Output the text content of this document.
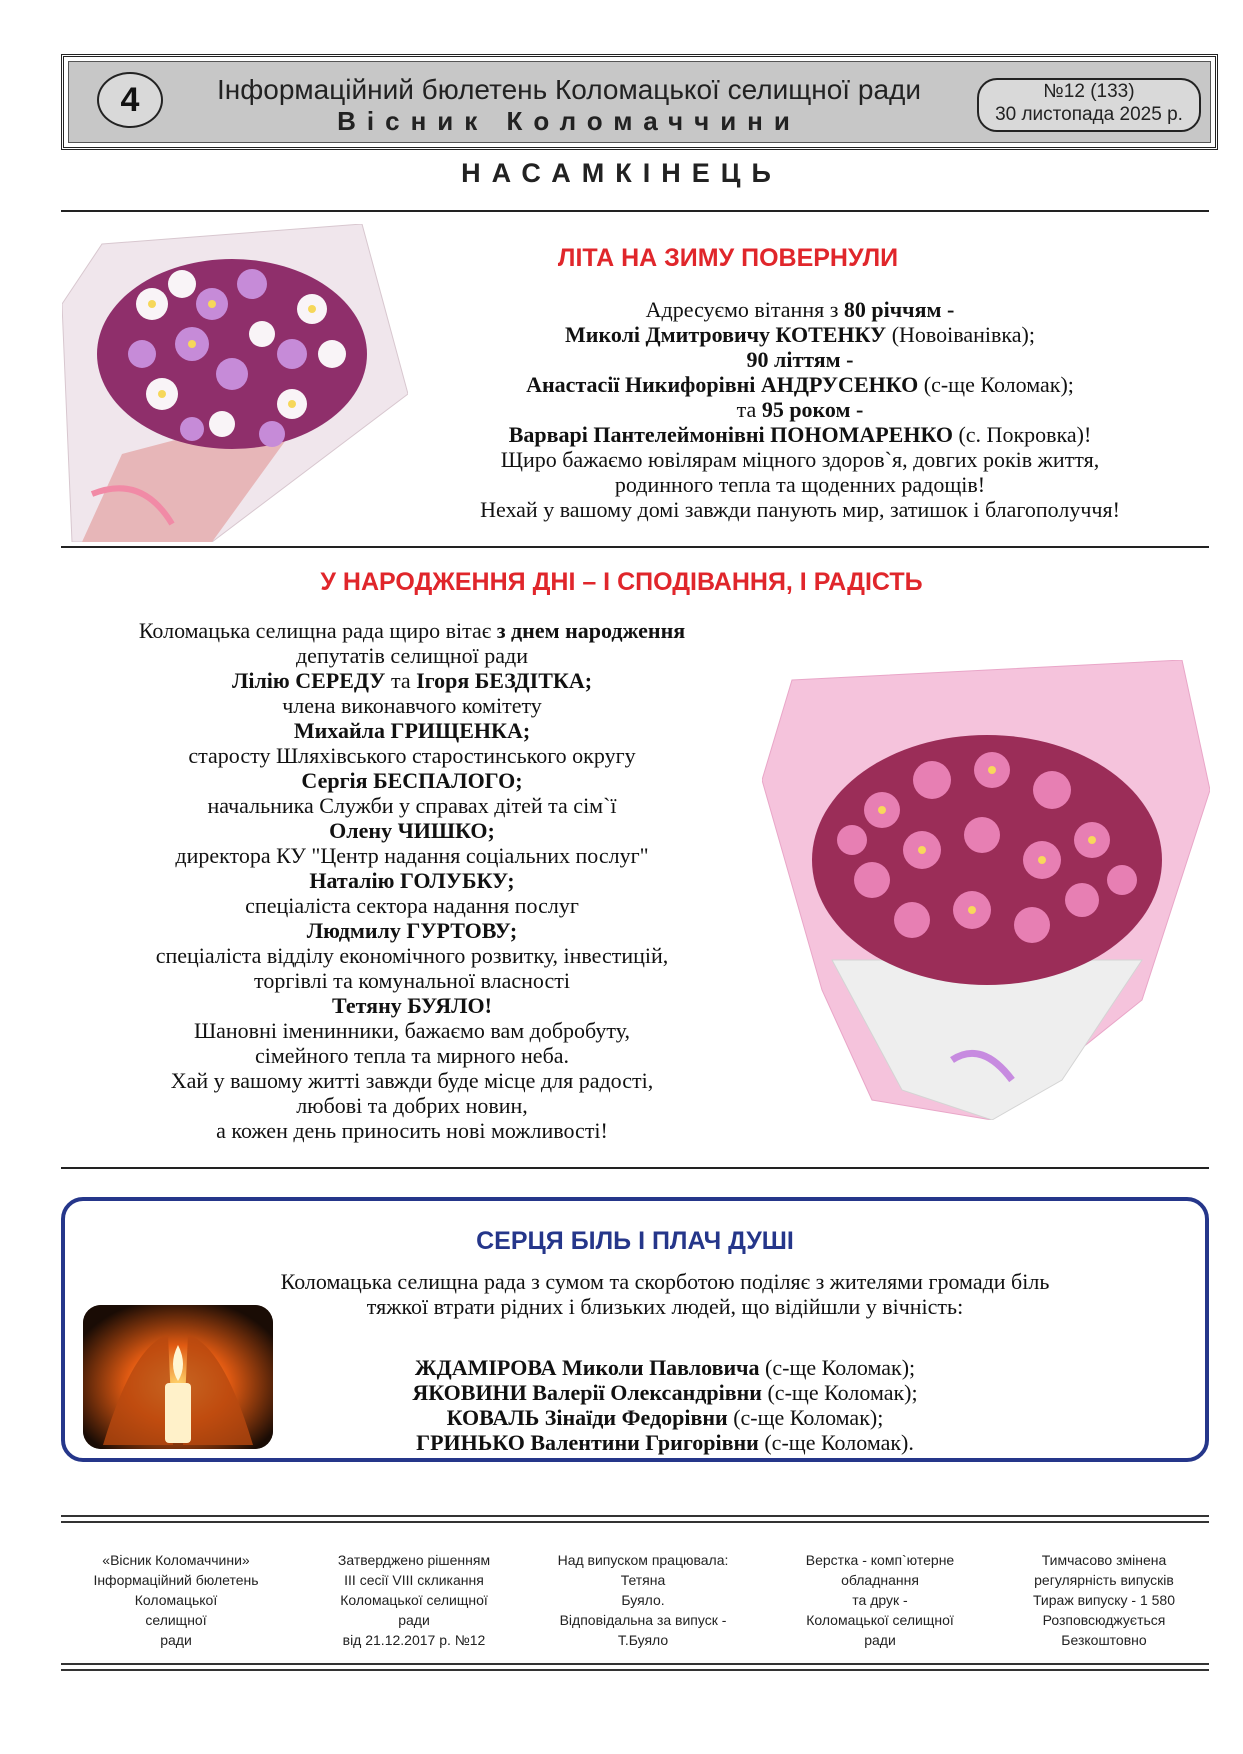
4	Інформаційний бюлетень Коломацької селищної ради
Вісник Коломаччини
№12 (133)
30 листопада 2025 р.
НАСАМКІНЕЦЬ
ЛІТА НА ЗИМУ ПОВЕРНУЛИ
Адресуємо вітання з 80 річчям -
Миколі Дмитровичу КОТЕНКУ (Новоіванівка);
90 літтям -
Анастасії Никифорівні АНДРУСЕНКО (с-ще Коломак);
та 95 роком -
Варварі Пантелеймонівні ПОНОМАРЕНКО (с. Покровка)!
Щиро бажаємо ювілярам міцного здоров`я, довгих років життя,
родинного тепла та щоденних радощів!
Нехай у вашому домі завжди панують мир, затишок і благополуччя!
У НАРОДЖЕННЯ ДНІ – І СПОДІВАННЯ, І РАДІСТЬ
Коломацька селищна рада щиро вітає з днем народження
депутатів селищної ради
Лілію СЕРЕДУ та Ігоря БЕЗДІТКА;
члена виконавчого комітету
Михайла ГРИЩЕНКА;
старосту Шляхівського старостинського округу
Сергія БЕСПАЛОГО;
начальника Служби у справах дітей та сім`ї
Олену ЧИШКО;
директора КУ "Центр надання соціальних послуг"
Наталію ГОЛУБКУ;
спеціаліста сектора надання послуг
Людмилу ГУРТОВУ;
спеціаліста відділу економічного розвитку, інвестицій,
торгівлі та комунальної власності
Тетяну БУЯЛО!
Шановні іменинники, бажаємо вам добробуту,
сімейного тепла та мирного неба.
Хай у вашому житті завжди буде місце для радості,
любові та добрих новин,
а кожен день приносить нові можливості!
СЕРЦЯ БІЛЬ І ПЛАЧ ДУШІ
Коломацька селищна рада з сумом та скорботою поділяє з жителями громади біль
тяжкої втрати рідних і близьких людей, що відійшли у вічність:
ЖДАМІРОВА Миколи Павловича (с-ще Коломак);
ЯКОВИНИ Валерії Олександрівни (с-ще Коломак);
КОВАЛЬ Зінаїди Федорівни (с-ще Коломак);
ГРИНЬКО Валентини Григорівни (с-ще Коломак).
«Вісник Коломаччини»
Інформаційний бюлетень
Коломацької
селищної
ради
Затверджено рішенням
ІІІ сесії VIII скликання
Коломацької селищної
ради
від 21.12.2017 р. №12
Над випуском працювала:
Тетяна
Буяло.
Відповідальна за випуск -
Т.Буяло
Верстка - комп`ютерне
обладнання
та друк -
Коломацької селищної
ради
Тимчасово змінена
регулярність випусків
Тираж випуску - 1 580
Розповсюджується
Безкоштовно
